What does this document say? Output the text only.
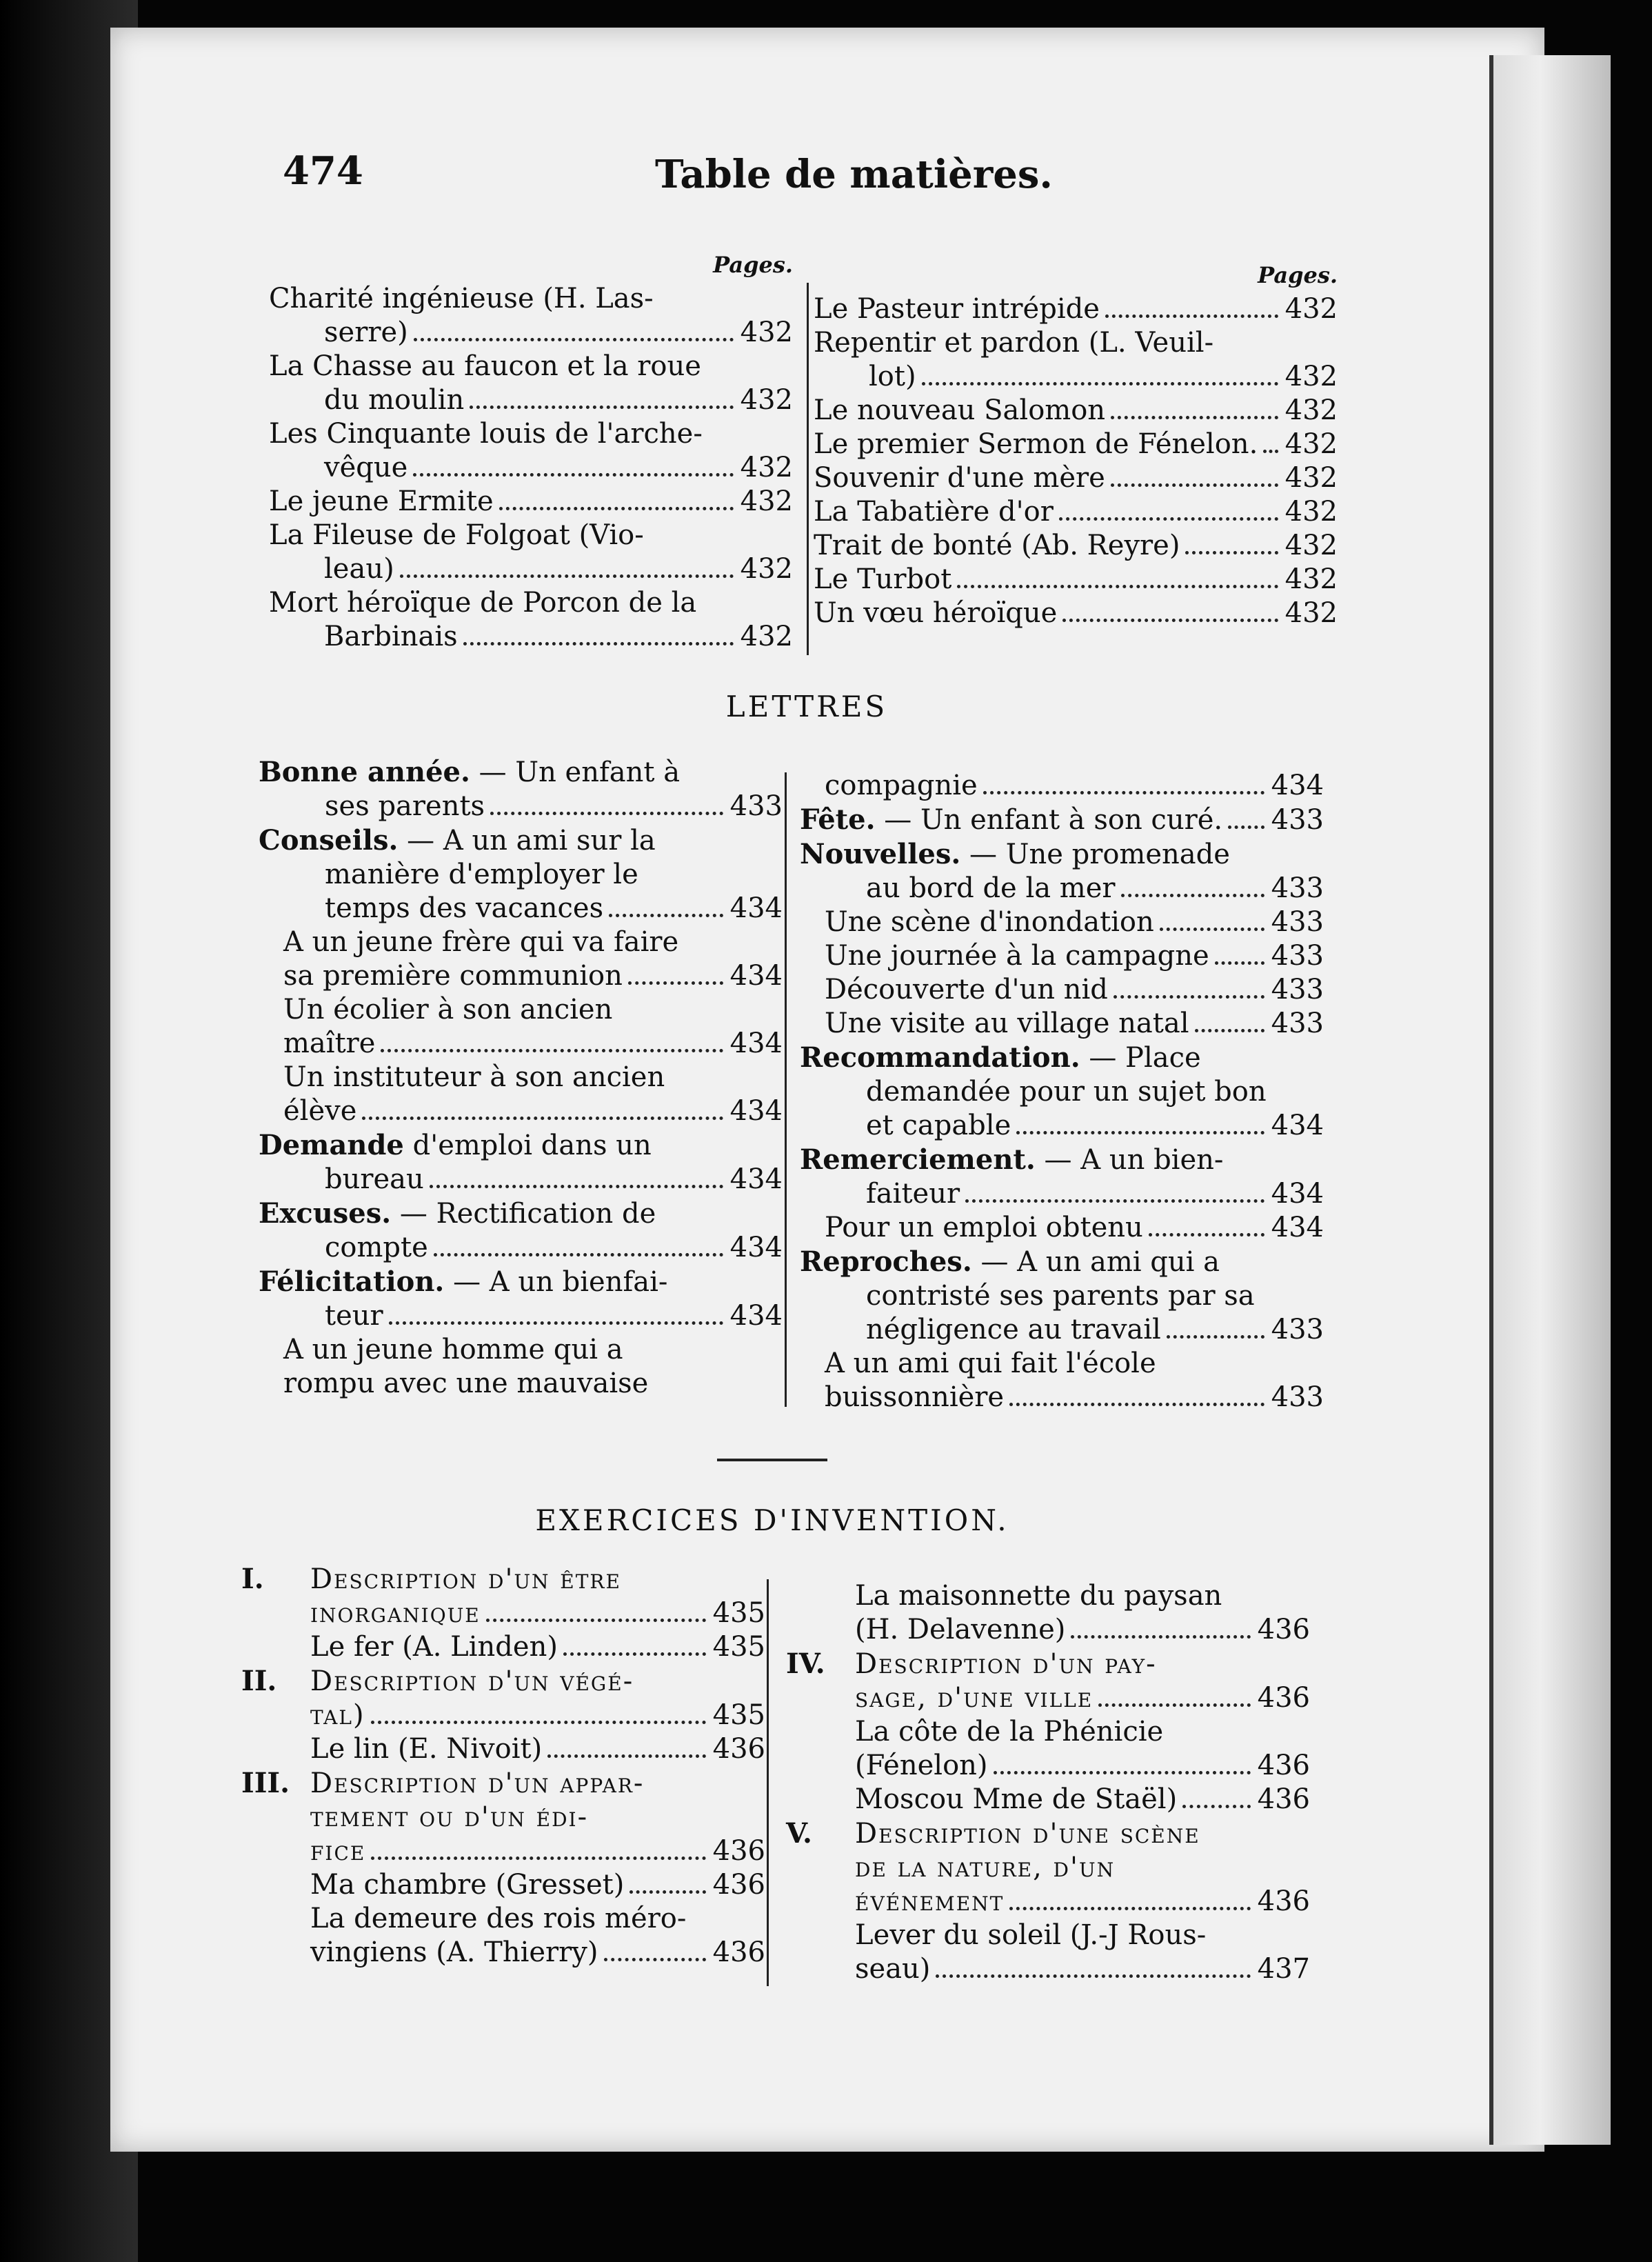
474	Table de matières.
Pages.
Charité ingénieuse (H. Las-
serre)	432
La Chasse au faucon et la roue
du moulin	432
Les Cinquante louis de l'arche-
vêque	432
Le jeune Ermite	432
La Fileuse de Folgoat (Vio-
leau)	432
Mort héroïque de Porcon de la
Barbinais	432
Pages.
Le Pasteur intrépide	432
Repentir et pardon (L. Veuil-
lot)	432
Le nouveau Salomon	432
Le premier Sermon de Fénelon. 432
Souvenir d'une mère	432
La Tabatière d'or	432
Trait de bonté (Ab. Reyre)	432
Le Turbot	432
Un vœu héroïque	432
LETTRES
Bonne année. — Un enfant à
ses parents	433
Conseils. — A un ami sur la
manière d'employer le
temps des vacances	434
A un jeune frère qui va faire
sa première communion	434
Un écolier à son ancien
maître	434
Un instituteur à son ancien
élève	434
Demande d'emploi dans un
bureau	434
Excuses. — Rectification de
compte	434
Félicitation. — A un bienfai-
teur	434
A un jeune homme qui a
rompu avec une mauvaise
compagnie	434
Fête. — Un enfant à son curé. 433
Nouvelles. — Une promenade
au bord de la mer	433
Une scène d'inondation	433
Une journée à la campagne 433
Découverte d'un nid	433
Une visite au village natal	433
Recommandation. — Place
demandée pour un sujet bon
et capable	434
Remerciement. — A un bien-
faiteur	434
Pour un emploi obtenu	434
Reproches. — A un ami qui a
contristé ses parents par sa
négligence au travail	433
A un ami qui fait l'école
buissonnière	433
EXERCICES D'INVENTION.
I. Description d'un être
inorganique	435
Le fer (A. Linden)	435
II. Description d'un végé-
tal)	435
Le lin (E. Nivoit)	436
III. Description d'un appar-
tement ou d'un édi-
fice	436
Ma chambre (Gresset)	436
La demeure des rois méro-
vingiens (A. Thierry)	436
La maisonnette du paysan
(H. Delavenne)	436
IV. Description d'un pay-
sage, d'une ville	436
La côte de la Phénicie
(Fénelon)	436
Moscou Mme de Staël)	436
V. Description d'une scène
de la nature, d'un
événement	436
Lever du soleil (J.-J Rous-
seau)	437
